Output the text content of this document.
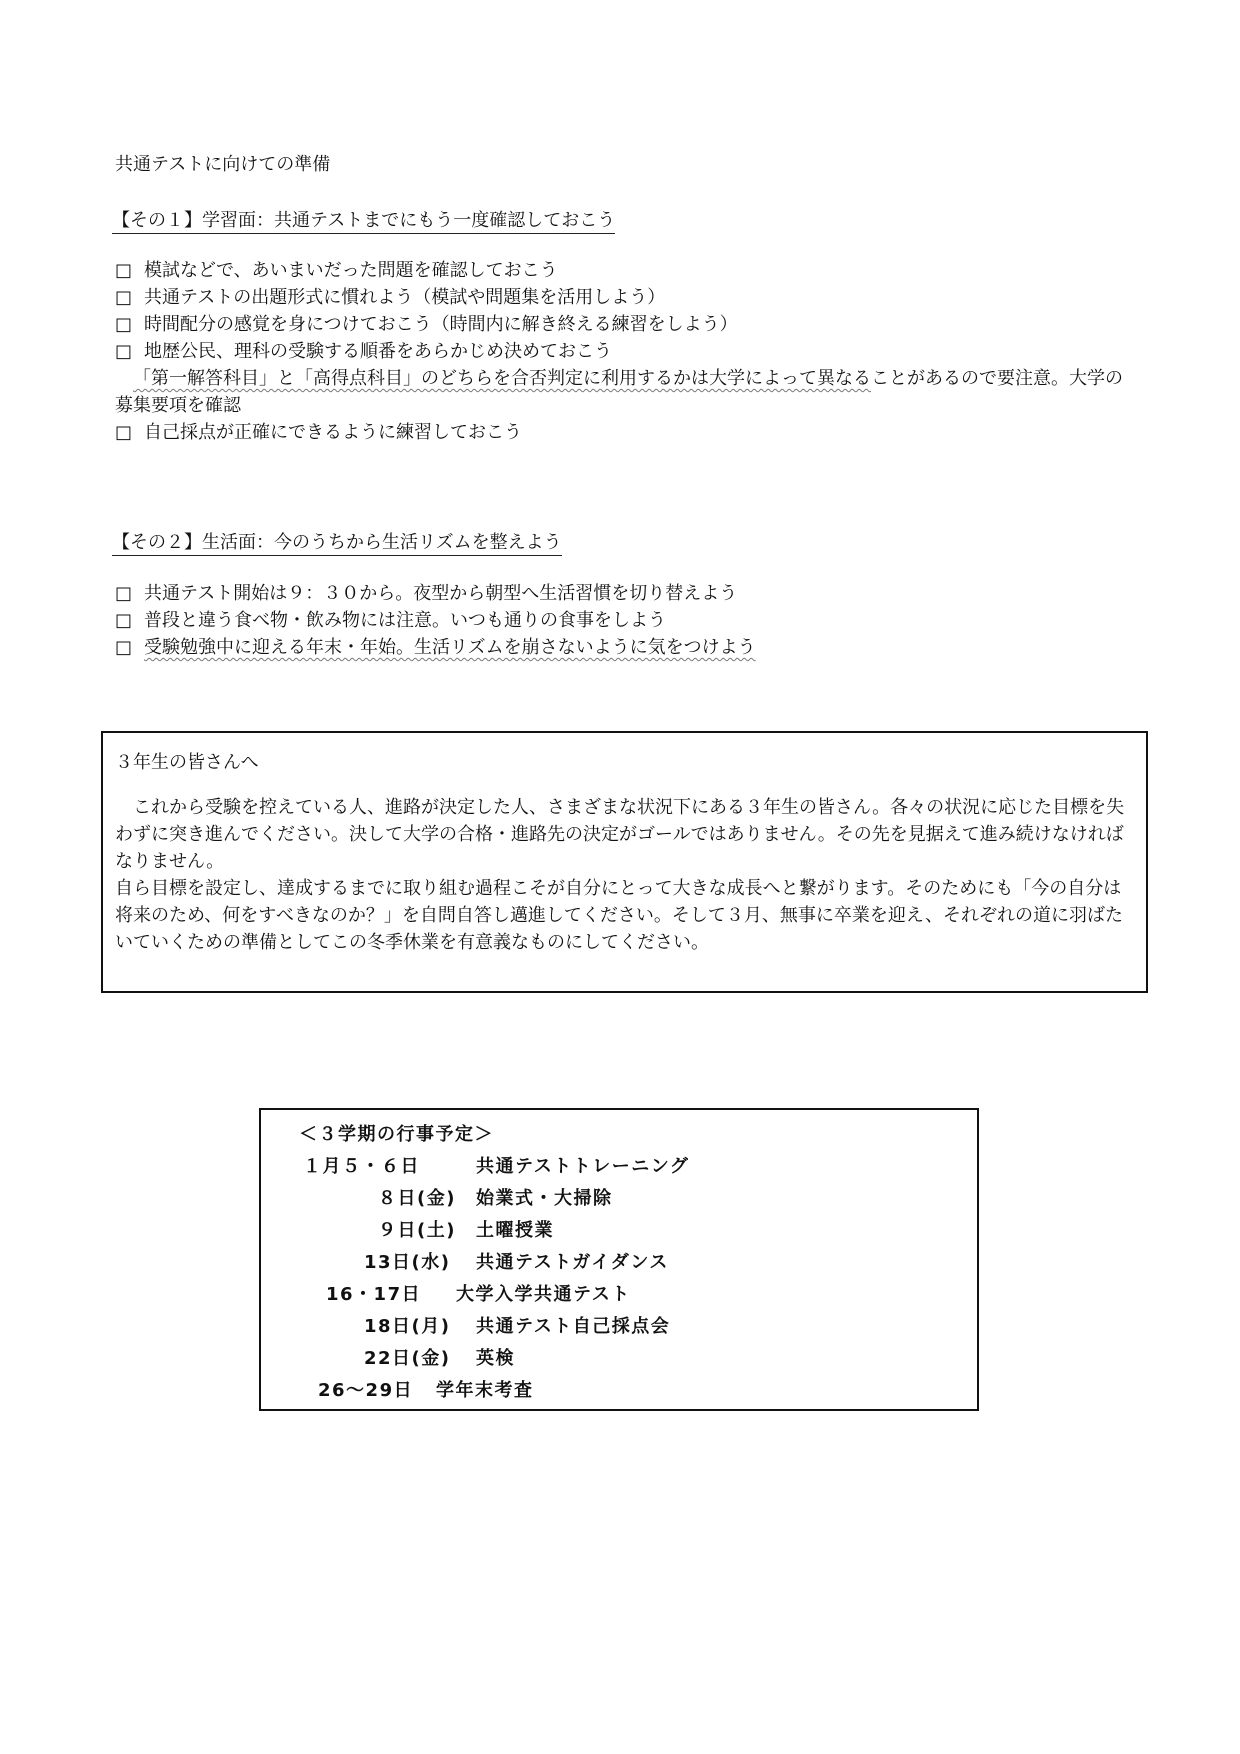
共通テストに向けての準備
【その１】学習面：共通テストまでにもう一度確認しておこう
□ 模試などで、あいまいだった問題を確認しておこう
□ 共通テストの出題形式に慣れよう（模試や問題集を活用しよう）
□ 時間配分の感覚を身につけておこう（時間内に解き終える練習をしよう）
□ 地歴公民、理科の受験する順番をあらかじめ決めておこう
「第一解答科目」と「高得点科目」のどちらを合否判定に利用するかは大学によって異なることがあるので要注意。大学の募集要項を確認
□ 自己採点が正確にできるように練習しておこう
【その２】生活面：今のうちから生活リズムを整えよう
□ 共通テスト開始は９：３０から。夜型から朝型へ生活習慣を切り替えよう
□ 普段と違う食べ物・飲み物には注意。いつも通りの食事をしよう
□ 受験勉強中に迎える年末・年始。生活リズムを崩さないように気をつけよう

３年生の皆さんへ

これから受験を控えている人、進路が決定した人、さまざまな状況下にある３年生の皆さん。各々の状況に応じた目標を失わずに突き進んでください。決して大学の合格・進路先の決定がゴールではありません。その先を見据えて進み続けなければなりません。

自ら目標を設定し、達成するまでに取り組む過程こそが自分にとって大きな成長へと繋がります。そのためにも「今の自分は将来のため、何をすべきなのか？」を自問自答し邁進してください。そして３月、無事に卒業を迎え、それぞれの道に羽ばたいていくための準備としてこの冬季休業を有意義なものにしてください。

＜３学期の行事予定＞
１月５・６日	共通テストトレーニング
８日(金) 始業式・大掃除
９日(土) 土曜授業
13日(水) 共通テストガイダンス
16・17日 大学入学共通テスト
18日(月) 共通テスト自己採点会
22日(金) 英検
26～29日 学年末考査
